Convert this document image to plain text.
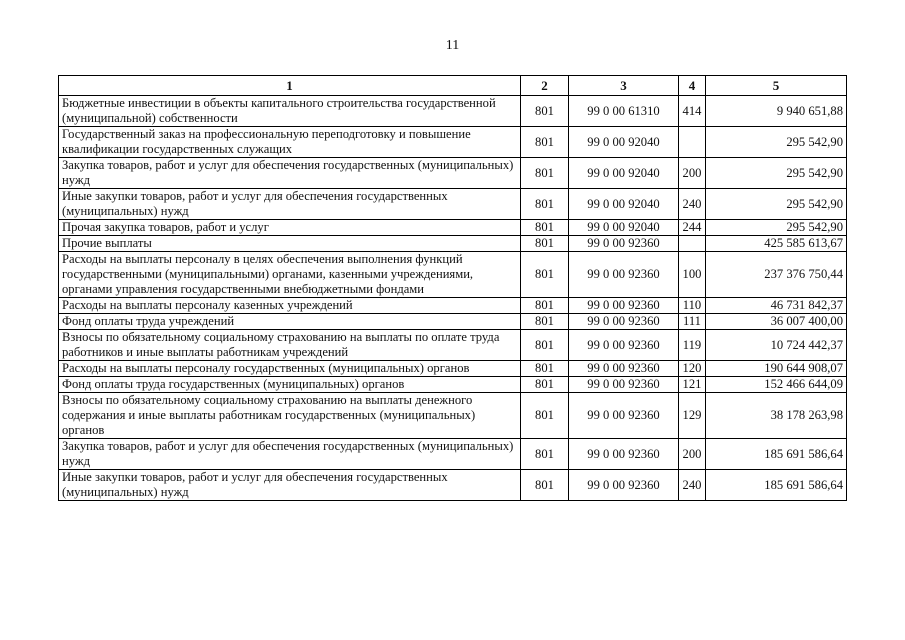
11
1	2	3	4	5
Бюджетные инвестиции в объекты капитального строительства государственной (муниципальной) собственности	801	99 0 00 61310	414	9 940 651,88
Государственный заказ на профессиональную переподготовку и повышение квалификации государственных служащих	801	99 0 00 92040		295 542,90
Закупка товаров, работ и услуг для обеспечения государственных (муниципальных) нужд	801	99 0 00 92040	200	295 542,90
Иные закупки товаров, работ и услуг для обеспечения государственных (муниципальных) нужд	801	99 0 00 92040	240	295 542,90
Прочая закупка товаров, работ и услуг	801	99 0 00 92040	244	295 542,90
Прочие выплаты	801	99 0 00 92360		425 585 613,67
Расходы на выплаты персоналу в целях обеспечения выполнения функций государственными (муниципальными) органами, казенными учреждениями, органами управления государственными внебюджетными фондами	801	99 0 00 92360	100	237 376 750,44
Расходы на выплаты персоналу казенных учреждений	801	99 0 00 92360	110	46 731 842,37
Фонд оплаты труда учреждений	801	99 0 00 92360	111	36 007 400,00
Взносы по обязательному социальному страхованию на выплаты по оплате труда работников и иные выплаты работникам учреждений	801	99 0 00 92360	119	10 724 442,37
Расходы на выплаты персоналу государственных (муниципальных) органов	801	99 0 00 92360	120	190 644 908,07
Фонд оплаты труда государственных (муниципальных) органов	801	99 0 00 92360	121	152 466 644,09
Взносы по обязательному социальному страхованию на выплаты денежного содержания и иные выплаты работникам государственных (муниципальных) органов	801	99 0 00 92360	129	38 178 263,98
Закупка товаров, работ и услуг для обеспечения государственных (муниципальных) нужд	801	99 0 00 92360	200	185 691 586,64
Иные закупки товаров, работ и услуг для обеспечения государственных (муниципальных) нужд	801	99 0 00 92360	240	185 691 586,64
